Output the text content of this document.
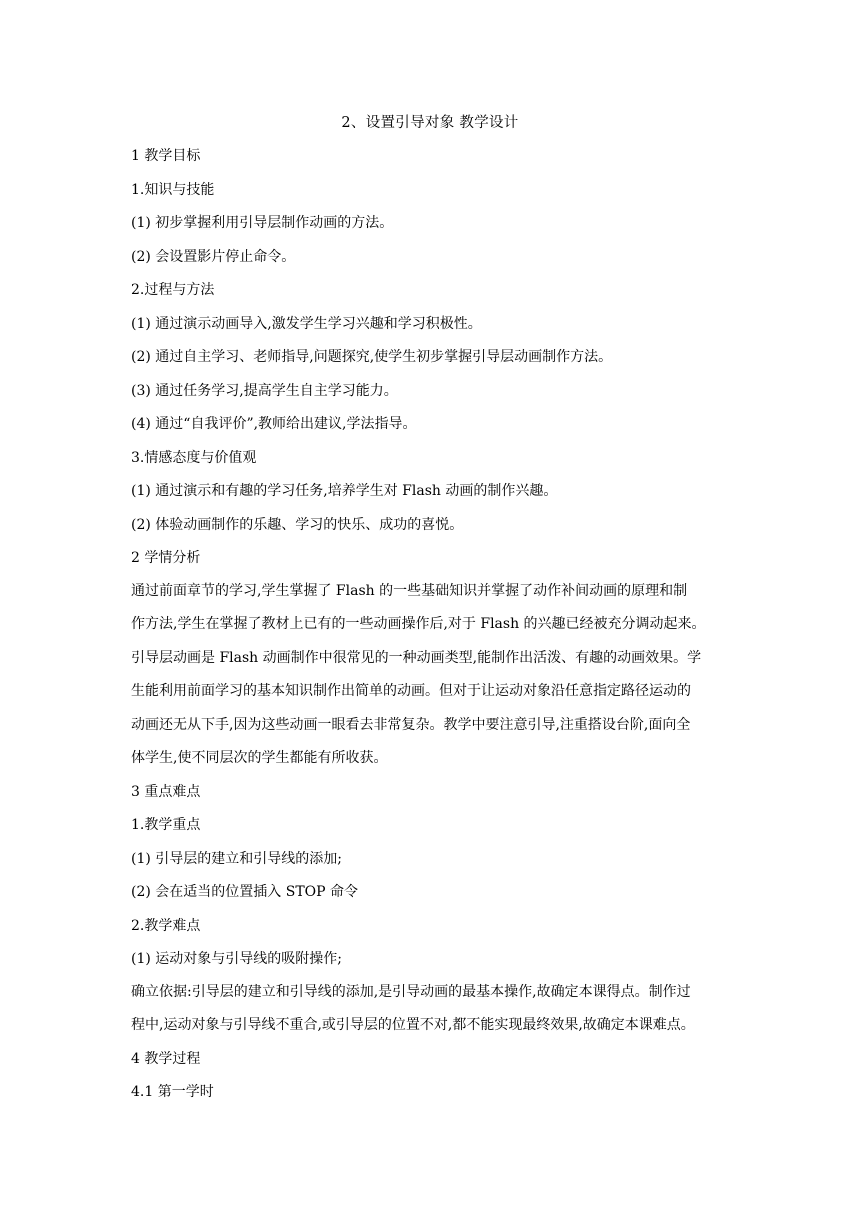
2、设置引导对象 教学设计
1 教学目标
1.知识与技能
(1) 初步掌握利用引导层制作动画的方法。
(2) 会设置影片停止命令。
2.过程与方法
(1) 通过演示动画导入,激发学生学习兴趣和学习积极性。
(2) 通过自主学习、老师指导,问题探究,使学生初步掌握引导层动画制作方法。
(3) 通过任务学习,提高学生自主学习能力。
(4) 通过“自我评价”,教师给出建议,学法指导。
3.情感态度与价值观
(1) 通过演示和有趣的学习任务,培养学生对 Flash 动画的制作兴趣。
(2) 体验动画制作的乐趣、学习的快乐、成功的喜悦。
2 学情分析
通过前面章节的学习,学生掌握了 Flash 的一些基础知识并掌握了动作补间动画的原理和制
作方法,学生在掌握了教材上已有的一些动画操作后,对于 Flash 的兴趣已经被充分调动起来。
引导层动画是 Flash 动画制作中很常见的一种动画类型,能制作出活泼、有趣的动画效果。学
生能利用前面学习的基本知识制作出简单的动画。但对于让运动对象沿任意指定路径运动的
动画还无从下手,因为这些动画一眼看去非常复杂。教学中要注意引导,注重搭设台阶,面向全
体学生,使不同层次的学生都能有所收获。
3 重点难点
1.教学重点
(1) 引导层的建立和引导线的添加;
(2) 会在适当的位置插入 STOP 命令
2.教学难点
(1) 运动对象与引导线的吸附操作;
确立依据:引导层的建立和引导线的添加,是引导动画的最基本操作,故确定本课得点。制作过
程中,运动对象与引导线不重合,或引导层的位置不对,都不能实现最终效果,故确定本课难点。
4 教学过程
4.1 第一学时
